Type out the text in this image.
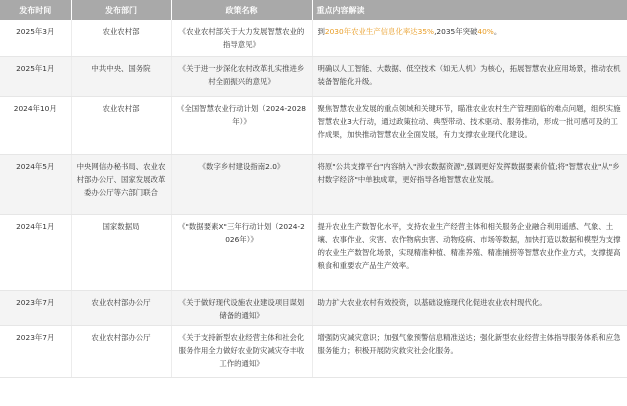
发布时间	发布部门	政策名称	重点内容解读
2025年3月	农业农村部	《农业农村部关于大力发展智慧农业的指导意见》	到2030年农业生产信息化率达35%,2035年突破40%。
2025年1月	中共中央、国务院	《关于进一步深化农村改革扎实推进乡村全面振兴的意见》	明确以人工智能、大数据、低空技术（如无人机）为核心，拓展智慧农业应用场景，推动农机装备智能化升级。
2024年10月	农业农村部	《全国智慧农业行动计划（2024-2028年）》	聚焦智慧农业发展的重点领域和关键环节，瞄准农业农村生产管理面临的难点问题，组织实施智慧农业3大行动，通过政策拉动、典型带动、技术驱动、服务推动，形成一批可感可及的工作成果，加快推动智慧农业全面发展，有力支撑农业现代化建设。
2024年5月	中央网信办秘书局、农业农村部办公厅、国家发展改革委办公厅等六部门联合	《数字乡村建设指南2.0》	将原"公共支撑平台"内容纳入"涉农数据资源",强调更好发挥数据要素价值;将"智慧农业"从"乡村数字经济"中单独成章，更好指导各地智慧农业发展。
2024年1月	国家数据局	《"数据要素X"三年行动计划（2024-2026年）》	提升农业生产数智化水平，支持农业生产经营主体和相关服务企业融合利用遥感、气象、土壤、农事作业、灾害、农作物病虫害、动物疫病、市场等数据，加快打造以数据和模型为支撑的农业生产数智化场景，实现精准种植、精准养殖、精准捕捞等智慧农业作业方式，支撑提高粮食和重要农产品生产效率。
2023年7月	农业农村部办公厅	《关于做好现代设施农业建设项目谋划储备的通知》	助力扩大农业农村有效投资，以基础设施现代化促进农业农村现代化。
2023年7月	农业农村部办公厅	《关于支持新型农业经营主体和社会化服务作用全力做好农业防灾减灾夺丰收工作的通知》	增强防灾减灾意识；加强气象预警信息精准送达；强化新型农业经营主体指导服务体系和应急服务能力；积极开展防灾救灾社会化服务。
